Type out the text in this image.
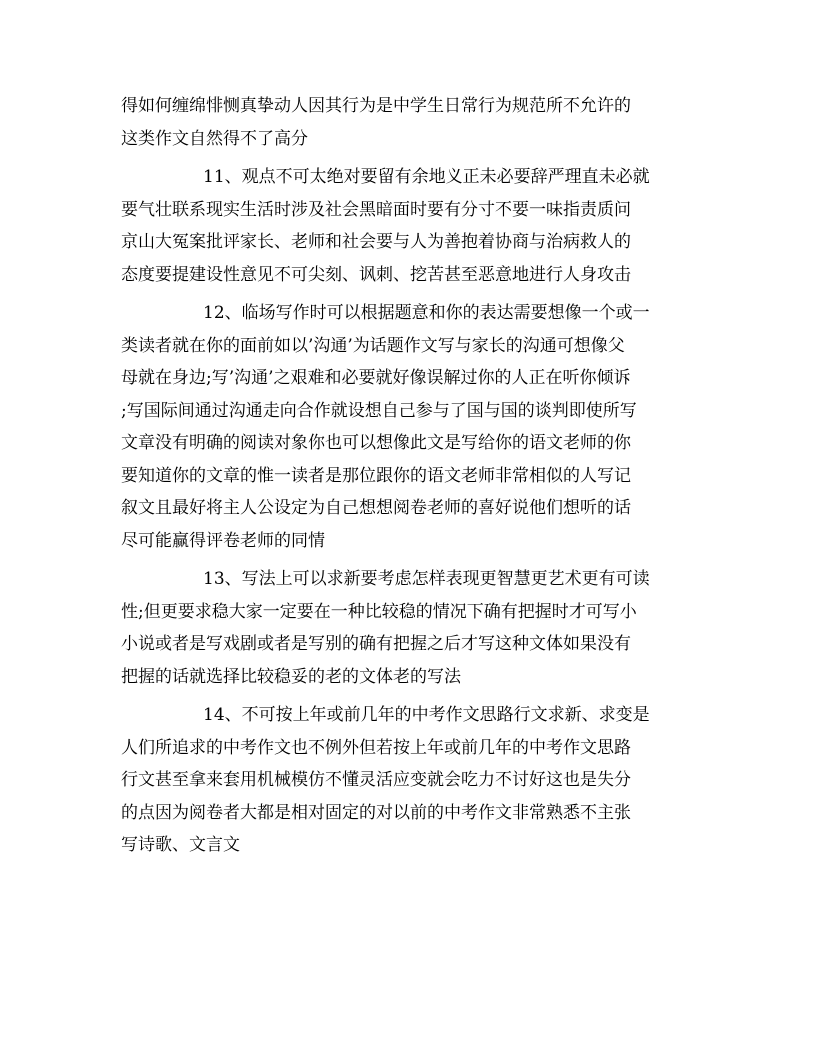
得如何缠绵悱恻真挚动人因其行为是中学生日常行为规范所不允许的
这类作文自然得不了高分
11、观点不可太绝对要留有余地义正未必要辞严理直未必就
要气壮联系现实生活时涉及社会黑暗面时要有分寸不要一味指责质问
京山大冤案批评家长、老师和社会要与人为善抱着协商与治病救人的
态度要提建设性意见不可尖刻、讽刺、挖苦甚至恶意地进行人身攻击
12、临场写作时可以根据题意和你的表达需要想像一个或一
类读者就在你的面前如以’沟通’为话题作文写与家长的沟通可想像父
母就在身边;写’沟通’之艰难和必要就好像误解过你的人正在听你倾诉
;写国际间通过沟通走向合作就设想自己参与了国与国的谈判即使所写
文章没有明确的阅读对象你也可以想像此文是写给你的语文老师的你
要知道你的文章的惟一读者是那位跟你的语文老师非常相似的人写记
叙文且最好将主人公设定为自己想想阅卷老师的喜好说他们想听的话
尽可能赢得评卷老师的同情
13、写法上可以求新要考虑怎样表现更智慧更艺术更有可读
性;但更要求稳大家一定要在一种比较稳的情况下确有把握时才可写小
小说或者是写戏剧或者是写别的确有把握之后才写这种文体如果没有
把握的话就选择比较稳妥的老的文体老的写法
14、不可按上年或前几年的中考作文思路行文求新、求变是
人们所追求的中考作文也不例外但若按上年或前几年的中考作文思路
行文甚至拿来套用机械模仿不懂灵活应变就会吃力不讨好这也是失分
的点因为阅卷者大都是相对固定的对以前的中考作文非常熟悉不主张
写诗歌、文言文
